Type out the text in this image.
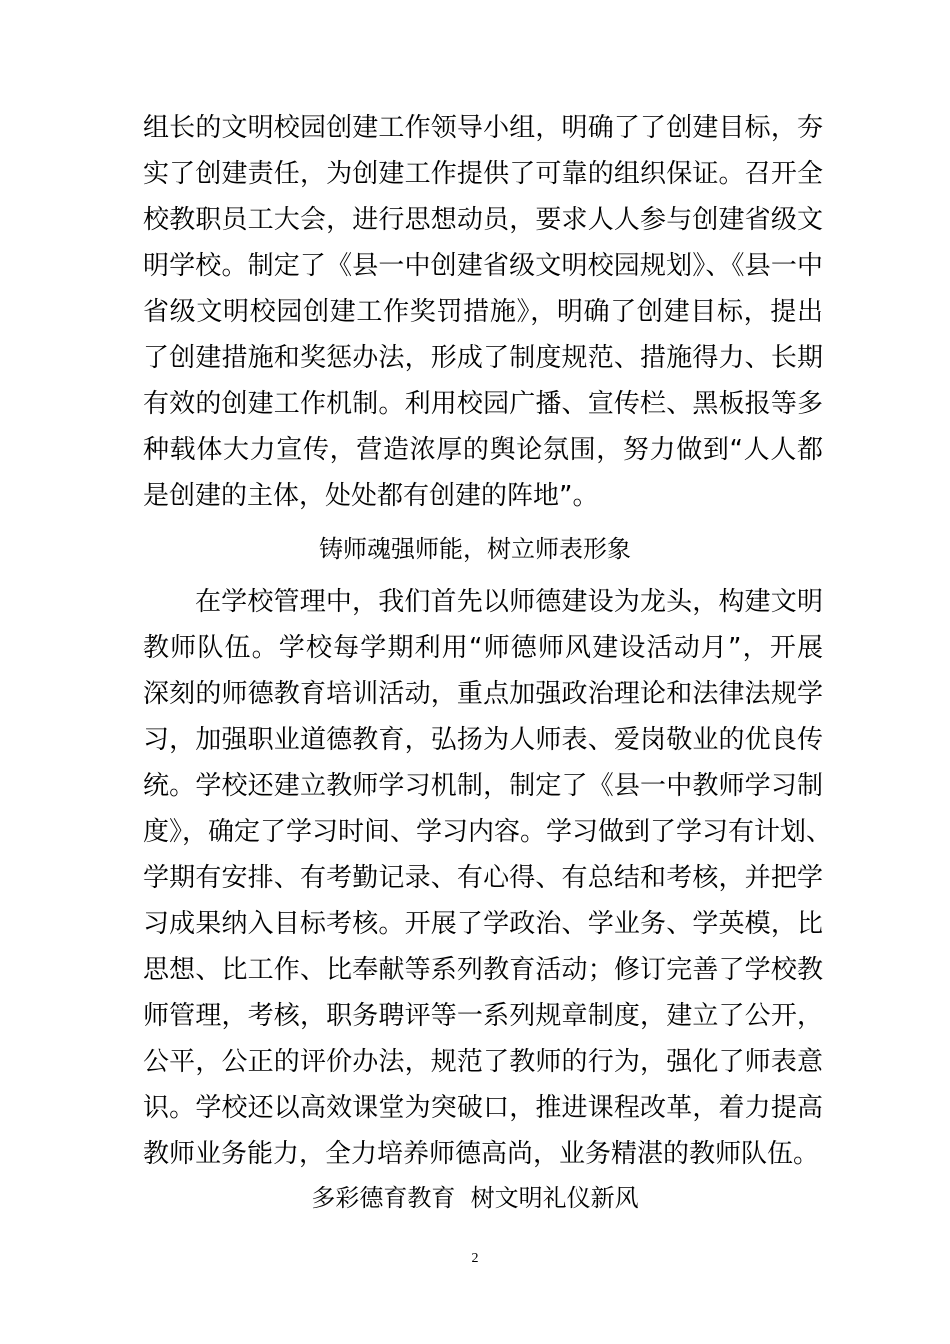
组长的文明校园创建工作领导小组，明确了了创建目标，夯
实了创建责任，为创建工作提供了可靠的组织保证。召开全
校教职员工大会，进行思想动员，要求人人参与创建省级文
明学校。制定了《县一中创建省级文明校园规划》、《县一中
省级文明校园创建工作奖罚措施》，明确了创建目标，提出
了创建措施和奖惩办法，形成了制度规范、措施得力、长期
有效的创建工作机制。利用校园广播、宣传栏、黑板报等多
种载体大力宣传，营造浓厚的舆论氛围，努力做到“人人都
是创建的主体，处处都有创建的阵地”。
铸师魂强师能，树立师表形象
在学校管理中，我们首先以师德建设为龙头，构建文明
教师队伍。学校每学期利用“师德师风建设活动月”，开展
深刻的师德教育培训活动，重点加强政治理论和法律法规学
习，加强职业道德教育，弘扬为人师表、爱岗敬业的优良传
统。学校还建立教师学习机制，制定了《县一中教师学习制
度》，确定了学习时间、学习内容。学习做到了学习有计划、
学期有安排、有考勤记录、有心得、有总结和考核，并把学
习成果纳入目标考核。开展了学政治、学业务、学英模，比
思想、比工作、比奉献等系列教育活动；修订完善了学校教
师管理，考核，职务聘评等一系列规章制度，建立了公开，
公平，公正的评价办法，规范了教师的行为，强化了师表意
识。学校还以高效课堂为突破口，推进课程改革，着力提高
教师业务能力，全力培养师德高尚，业务精湛的教师队伍。
多彩德育教育  树文明礼仪新风
2
